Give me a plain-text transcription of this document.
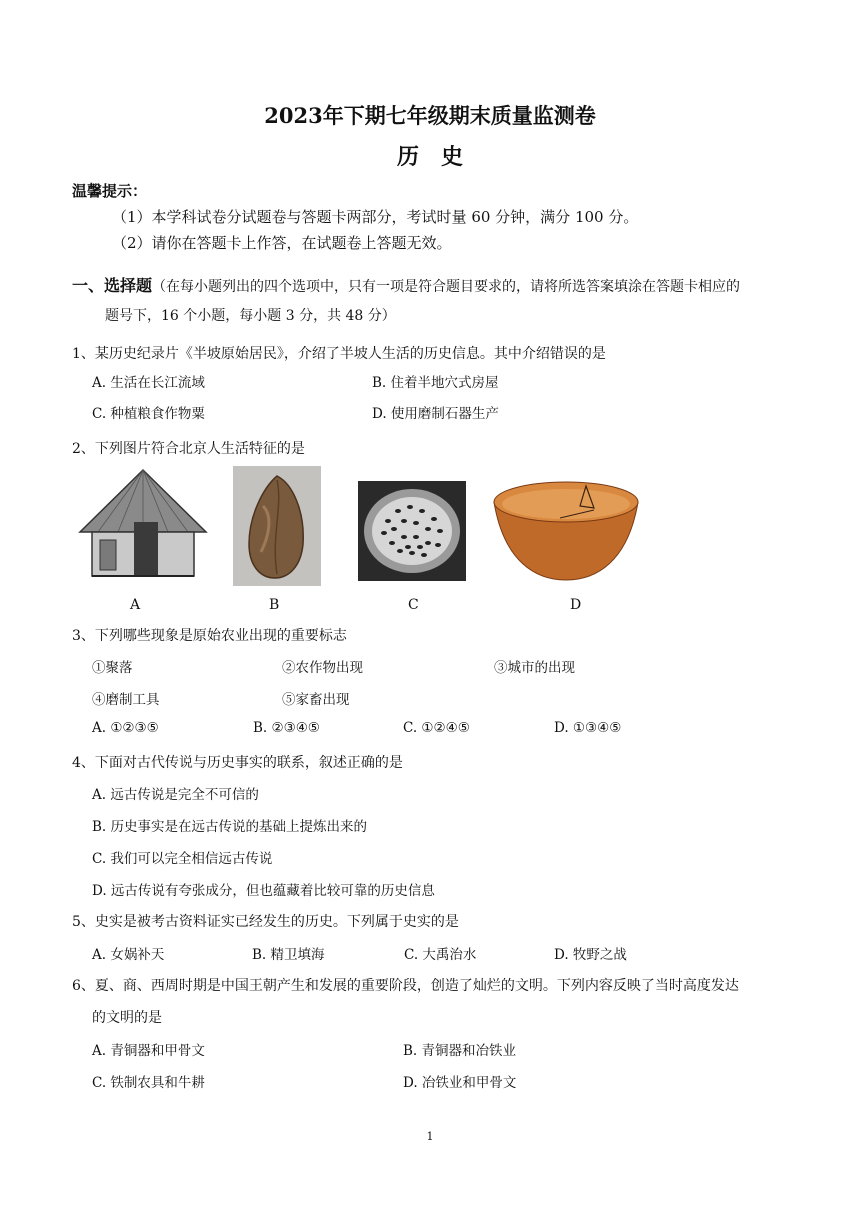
2023年下期七年级期末质量监测卷
历史
温馨提示：
（1）本学科试卷分试题卷与答题卡两部分，考试时量 60 分钟，满分 100 分。
（2）请你在答题卡上作答，在试题卷上答题无效。
一、选择题（在每小题列出的四个选项中，只有一项是符合题目要求的，请将所选答案填涂在答题卡相应的
题号下，16 个小题，每小题 3 分，共 48 分）
1、某历史纪录片《半坡原始居民》，介绍了半坡人生活的历史信息。其中介绍错误的是
A. 生活在长江流域	B. 住着半地穴式房屋
C. 种植粮食作物粟	D. 使用磨制石器生产
2、下列图片符合北京人生活特征的是
A	B	C	D
3、下列哪些现象是原始农业出现的重要标志
①聚落	②农作物出现	③城市的出现
④磨制工具	⑤家畜出现
A. ①②③⑤	B. ②③④⑤	C. ①②④⑤	D. ①③④⑤
4、下面对古代传说与历史事实的联系，叙述正确的是
A. 远古传说是完全不可信的
B. 历史事实是在远古传说的基础上提炼出来的
C. 我们可以完全相信远古传说
D. 远古传说有夸张成分，但也蕴藏着比较可靠的历史信息
5、史实是被考古资料证实已经发生的历史。下列属于史实的是
A. 女娲补天	B. 精卫填海	C. 大禹治水	D. 牧野之战
6、夏、商、西周时期是中国王朝产生和发展的重要阶段，创造了灿烂的文明。下列内容反映了当时高度发达
的文明的是
A. 青铜器和甲骨文	B. 青铜器和冶铁业
C. 铁制农具和牛耕	D. 冶铁业和甲骨文
1
